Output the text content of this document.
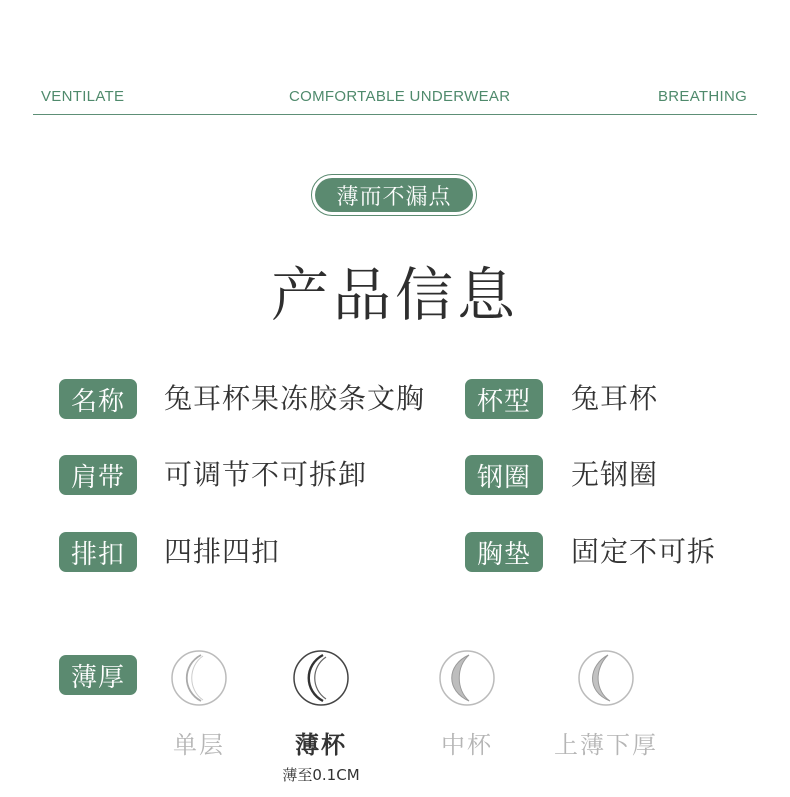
VENTILATE	COMFORTABLE UNDERWEAR	BREATHING
薄而不漏点
产品信息
名称	兔耳杯果冻胶条文胸	杯型	兔耳杯
肩带	可调节不可拆卸	钢圈	无钢圈
排扣	四排四扣	胸垫	固定不可拆
薄厚
单层	薄杯
薄至0.1CM
中杯	上薄下厚
